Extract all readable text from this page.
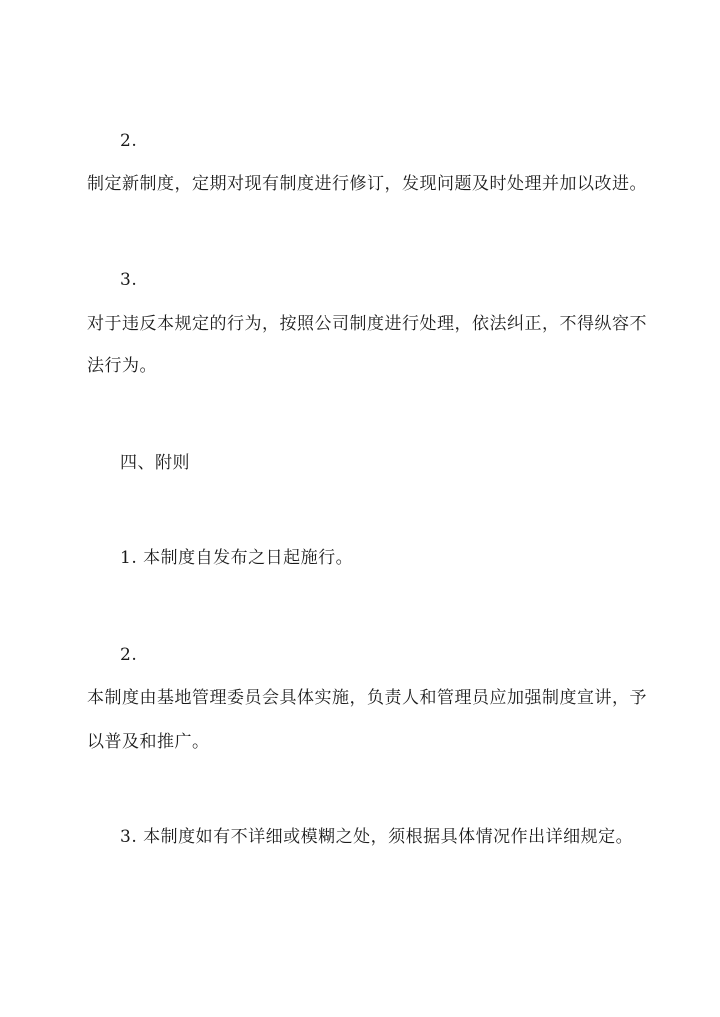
2.
制定新制度，定期对现有制度进行修订，发现问题及时处理并加以改进。
3.
对于违反本规定的行为，按照公司制度进行处理，依法纠正，不得纵容不
法行为。
四、附则
1. 本制度自发布之日起施行。
2.
本制度由基地管理委员会具体实施，负责人和管理员应加强制度宣讲，予
以普及和推广。
3. 本制度如有不详细或模糊之处，须根据具体情况作出详细规定。
